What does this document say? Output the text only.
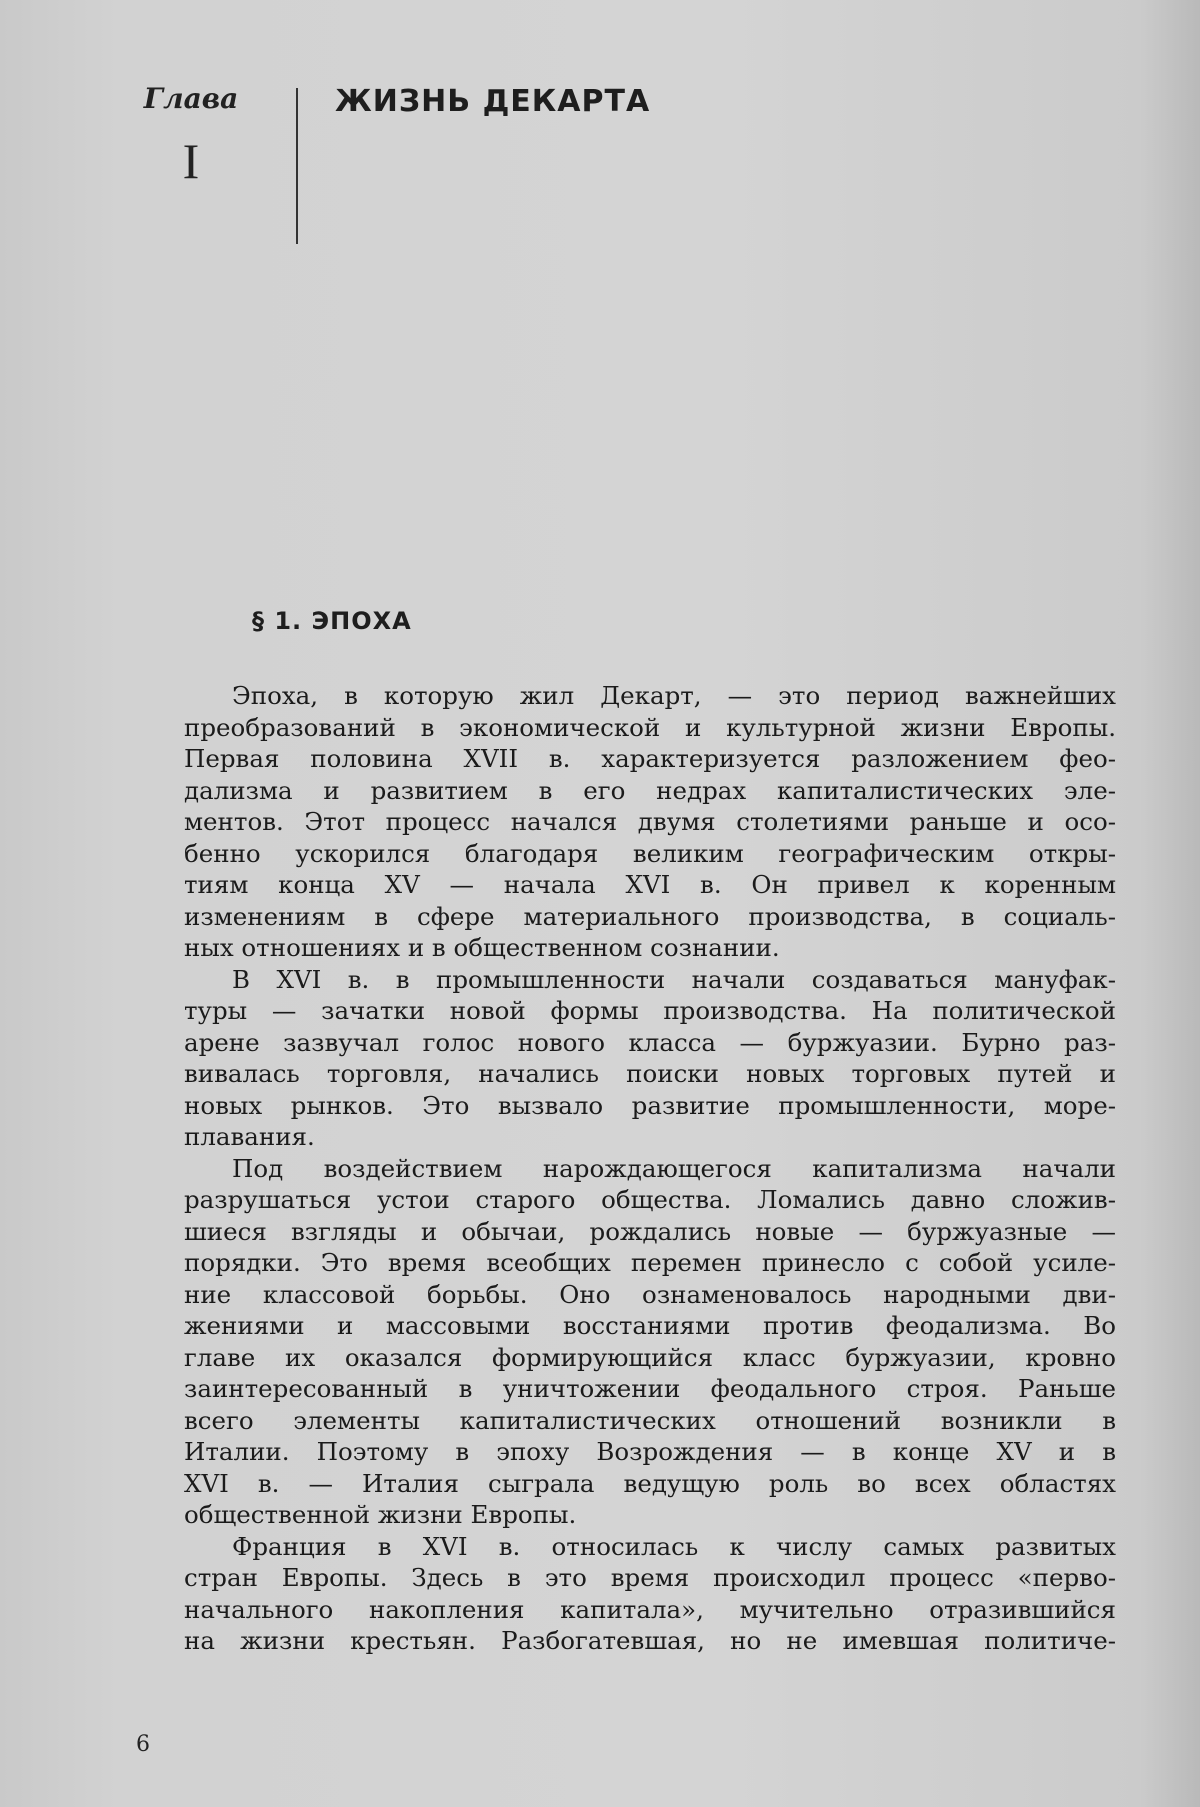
Глава
I
ЖИЗНЬ ДЕКАРТА
§ 1. ЭПОХА
Эпоха, в которую жил Декарт, — это период важнейших
преобразований в экономической и культурной жизни Европы.
Первая половина XVII в. характеризуется разложением фео-
дализма и развитием в его недрах капиталистических эле-
ментов. Этот процесс начался двумя столетиями раньше и осо-
бенно ускорился благодаря великим географическим откры-
тиям конца XV — начала XVI в. Он привел к коренным
изменениям в сфере материального производства, в социаль-
ных отношениях и в общественном сознании.
В XVI в. в промышленности начали создаваться мануфак-
туры — зачатки новой формы производства. На политической
арене зазвучал голос нового класса — буржуазии. Бурно раз-
вивалась торговля, начались поиски новых торговых путей и
новых рынков. Это вызвало развитие промышленности, море-
плавания.
Под воздействием нарождающегося капитализма начали
разрушаться устои старого общества. Ломались давно сложив-
шиеся взгляды и обычаи, рождались новые — буржуазные —
порядки. Это время всеобщих перемен принесло с собой усиле-
ние классовой борьбы. Оно ознаменовалось народными дви-
жениями и массовыми восстаниями против феодализма. Во
главе их оказался формирующийся класс буржуазии, кровно
заинтересованный в уничтожении феодального строя. Раньше
всего элементы капиталистических отношений возникли в
Италии. Поэтому в эпоху Возрождения — в конце XV и в
XVI в. — Италия сыграла ведущую роль во всех областях
общественной жизни Европы.
Франция в XVI в. относилась к числу самых развитых
стран Европы. Здесь в это время происходил процесс «перво-
начального накопления капитала», мучительно отразившийся
на жизни крестьян. Разбогатевшая, но не имевшая политиче-
6
